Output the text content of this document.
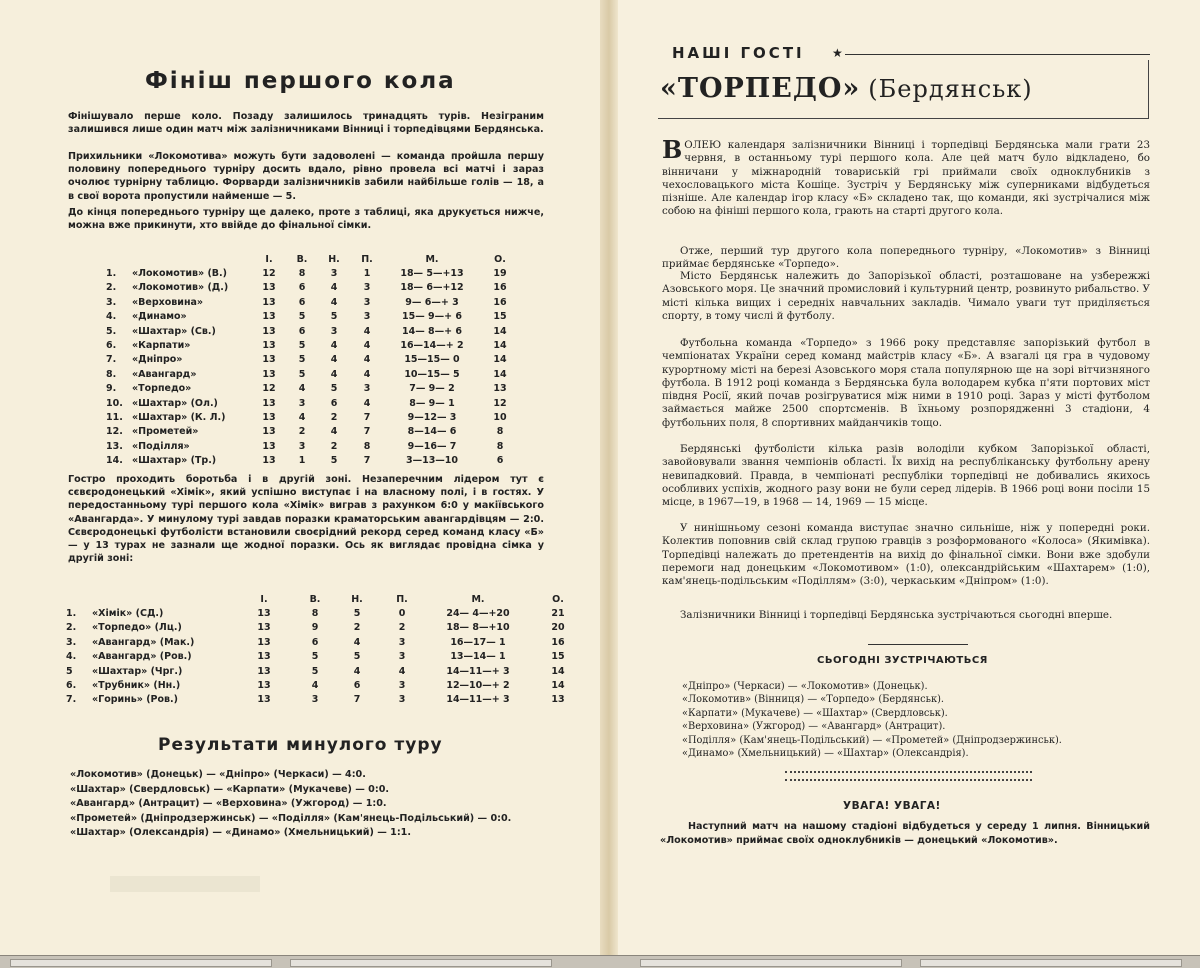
Фініш першого кола

Фінішувало перше коло. Позаду залишилось тринадцять турів. Незіграним залишився лише один матч між залізничниками Вінниці і торпедівцями Бердянська.

Прихильники «Локомотива» можуть бути задоволені — команда пройшла першу половину попереднього турніру досить вдало, рівно провела всі матчі і зараз очолює турнірну таблицю. Форварди залізничників забили найбільше голів — 18, а в свої ворота пропустили найменше — 5.

До кінця попереднього турніру ще далеко, проте з таблиці, яка друкується нижче, можна вже прикинути, хто ввійде до фінальної сімки.

		І.	В.	Н.	П.	М.	О.
1.	«Локомотив» (В.)	12	8	3	1	18— 5—+13	19
2.	«Локомотив» (Д.)	13	6	4	3	18— 6—+12	16
3.	«Верховина»	13	6	4	3	9— 6—+ 3	16
4.	«Динамо»	13	5	5	3	15— 9—+ 6	15
5.	«Шахтар» (Св.)	13	6	3	4	14— 8—+ 6	14
6.	«Карпати»	13	5	4	4	16—14—+ 2	14
7.	«Дніпро»	13	5	4	4	15—15— 0	14
8.	«Авангард»	13	5	4	4	10—15— 5	14
9.	«Торпедо»	12	4	5	3	7— 9— 2	13
10.	«Шахтар» (Ол.)	13	3	6	4	8— 9— 1	12
11.	«Шахтар» (К. Л.)	13	4	2	7	9—12— 3	10
12.	«Прометей»	13	2	4	7	8—14— 6	8
13.	«Поділля»	13	3	2	8	9—16— 7	8
14.	«Шахтар» (Тр.)	13	1	5	7	3—13—10	6

Гостро проходить боротьба і в другій зоні. Незаперечним лідером тут є сєвєродонецький «Хімік», який успішно виступає і на власному полі, і в гостях. У передостанньому турі першого кола «Хімік» виграв з рахунком 6:0 у макіївського «Авангарда». У минулому турі завдав поразки краматорським авангардівцям — 2:0. Сєвєродонецькі футболісти встановили своєрідний рекорд серед команд класу «Б» — у 13 турах не зазнали ще жодної поразки. Ось як виглядає провідна сімка у другій зоні:

		І.	В.	Н.	П.	М.	О.
1.	«Хімік» (СД.)	13	8	5	0	24— 4—+20	21
2.	«Торпедо» (Лц.)	13	9	2	2	18— 8—+10	20
3.	«Авангард» (Мак.)	13	6	4	3	16—17— 1	16
4.	«Авангард» (Ров.)	13	5	5	3	13—14— 1	15
5	«Шахтар» (Чрг.)	13	5	4	4	14—11—+ 3	14
6.	«Трубник» (Нн.)	13	4	6	3	12—10—+ 2	14
7.	«Горинь» (Ров.)	13	3	7	3	14—11—+ 3	13
Результати минулого туру
«Локомотив» (Донецьк) — «Дніпро» (Черкаси) — 4:0.
«Шахтар» (Свердловськ) — «Карпати» (Мукачеве) — 0:0.
«Авангард» (Антрацит) — «Верховина» (Ужгород) — 1:0.
«Прометей» (Дніпродзержинськ) — «Поділля» (Кам'янець-Подільський) — 0:0.
«Шахтар» (Олександрія) — «Динамо» (Хмельницький) — 1:1.
НАШІ ГОСТІ ★
«ТОРПЕДО» (Бердянськ)

ВОЛЕЮ календаря залізничники Вінниці і торпедівці Бердянська мали грати 23 червня, в останньому турі першого кола. Але цей матч було відкладено, бо вінничани у міжнародній товариській грі приймали своїх одноклубників з чехословацького міста Кошіце. Зустріч у Бердянську між суперниками відбудеться пізніше. Але календар ігор класу «Б» складено так, що команди, які зустрічалися між собою на фініші першого кола, грають на старті другого кола.

Отже, перший тур другого кола попереднього турніру, «Локомотив» з Вінниці приймає бердянське «Торпедо».

Місто Бердянськ належить до Запорізької області, розташоване на узбережжі Азовського моря. Це значний промисловий і культурний центр, розвинуто рибальство. У місті кілька вищих і середніх навчальних закладів. Чимало уваги тут приділяється спорту, в тому числі й футболу.

Футбольна команда «Торпедо» з 1966 року представляє запорізький футбол в чемпіонатах України серед команд майстрів класу «Б». А взагалі ця гра в чудовому курортному місті на березі Азовського моря стала популярною ще на зорі вітчизняного футбола. В 1912 році команда з Бердянська була володарем кубка п'яти портових міст півдня Росії, який почав розігруватися між ними в 1910 році. Зараз у місті футболом займається майже 2500 спортсменів. В їхньому розпорядженні 3 стадіони, 4 футбольних поля, 8 спортивних майданчиків тощо.

Бердянські футболісти кілька разів володіли кубком Запорізької області, завойовували звання чемпіонів області. Їх вихід на республіканську футбольну арену невипадковий. Правда, в чемпіонаті республіки торпедівці не добивались якихось особливих успіхів, жодного разу вони не були серед лідерів. В 1966 році вони посіли 15 місце, в 1967—19, в 1968 — 14, 1969 — 15 місце.

У нинішньому сезоні команда виступає значно сильніше, ніж у попередні роки. Колектив поповнив свій склад групою гравців з розформованого «Колоса» (Якимівка). Торпедівці належать до претендентів на вихід до фінальної сімки. Вони вже здобули перемоги над донецьким «Локомотивом» (1:0), олександрійським «Шахтарем» (1:0), кам'янець-подільським «Поділлям» (3:0), черкаським «Дніпром» (1:0).

Залізничники Вінниці і торпедівці Бердянська зустрічаються сьогодні вперше.

СЬОГОДНІ ЗУСТРІЧАЮТЬСЯ
«Дніпро» (Черкаси) — «Локомотив» (Донецьк).
«Локомотив» (Вінниця) — «Торпедо» (Бердянськ).
«Карпати» (Мукачеве) — «Шахтар» (Свердловськ).
«Верховина» (Ужгород) — «Авангард» (Антрацит).
«Поділля» (Кам'янець-Подільський) — «Прометей» (Дніпродзержинськ).
«Динамо» (Хмельницький) — «Шахтар» (Олександрія).
УВАГА! УВАГА!

Наступний матч на нашому стадіоні відбудеться у середу 1 липня. Вінницький «Локомотив» приймає своїх одноклубників — донецький «Локомотив».
